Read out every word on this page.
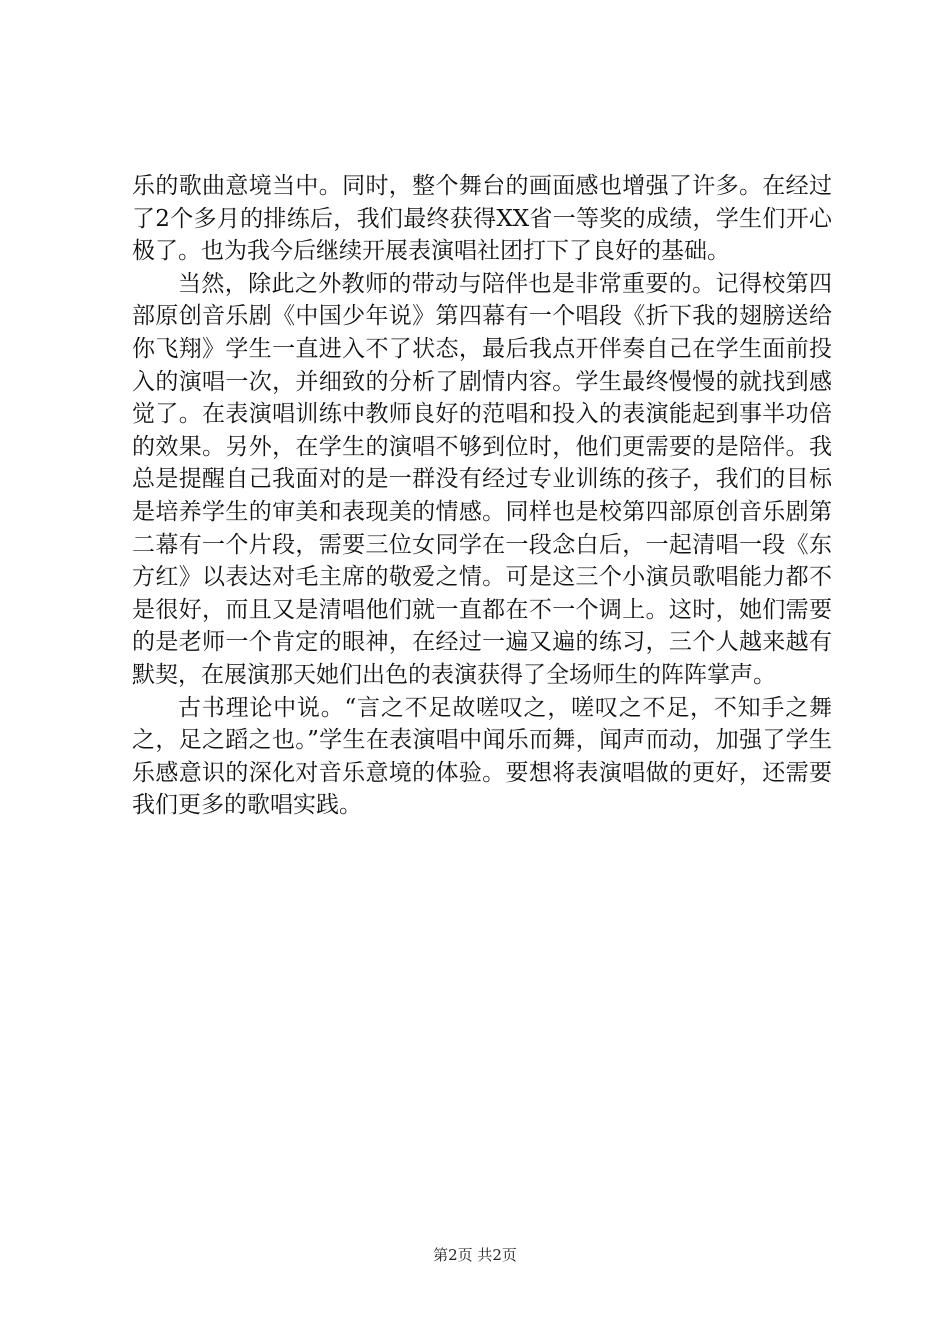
乐的歌曲意境当中。同时，整个舞台的画面感也增强了许多。在经过了2个多月的排练后，我们最终获得XX省一等奖的成绩，学生们开心极了。也为我今后继续开展表演唱社团打下了良好的基础。

当然，除此之外教师的带动与陪伴也是非常重要的。记得校第四部原创音乐剧《中国少年说》第四幕有一个唱段《折下我的翅膀送给你飞翔》学生一直进入不了状态，最后我点开伴奏自己在学生面前投入的演唱一次，并细致的分析了剧情内容。学生最终慢慢的就找到感觉了。在表演唱训练中教师良好的范唱和投入的表演能起到事半功倍的效果。另外，在学生的演唱不够到位时，他们更需要的是陪伴。我总是提醒自己我面对的是一群没有经过专业训练的孩子，我们的目标是培养学生的审美和表现美的情感。同样也是校第四部原创音乐剧第二幕有一个片段，需要三位女同学在一段念白后，一起清唱一段《东方红》以表达对毛主席的敬爱之情。可是这三个小演员歌唱能力都不是很好，而且又是清唱他们就一直都在不一个调上。这时，她们需要的是老师一个肯定的眼神，在经过一遍又遍的练习，三个人越来越有默契，在展演那天她们出色的表演获得了全场师生的阵阵掌声。

古书理论中说。“言之不足故嗟叹之，嗟叹之不足，不知手之舞之，足之蹈之也。”学生在表演唱中闻乐而舞，闻声而动，加强了学生乐感意识的深化对音乐意境的体验。要想将表演唱做的更好，还需要我们更多的歌唱实践。

第2页 共2页
